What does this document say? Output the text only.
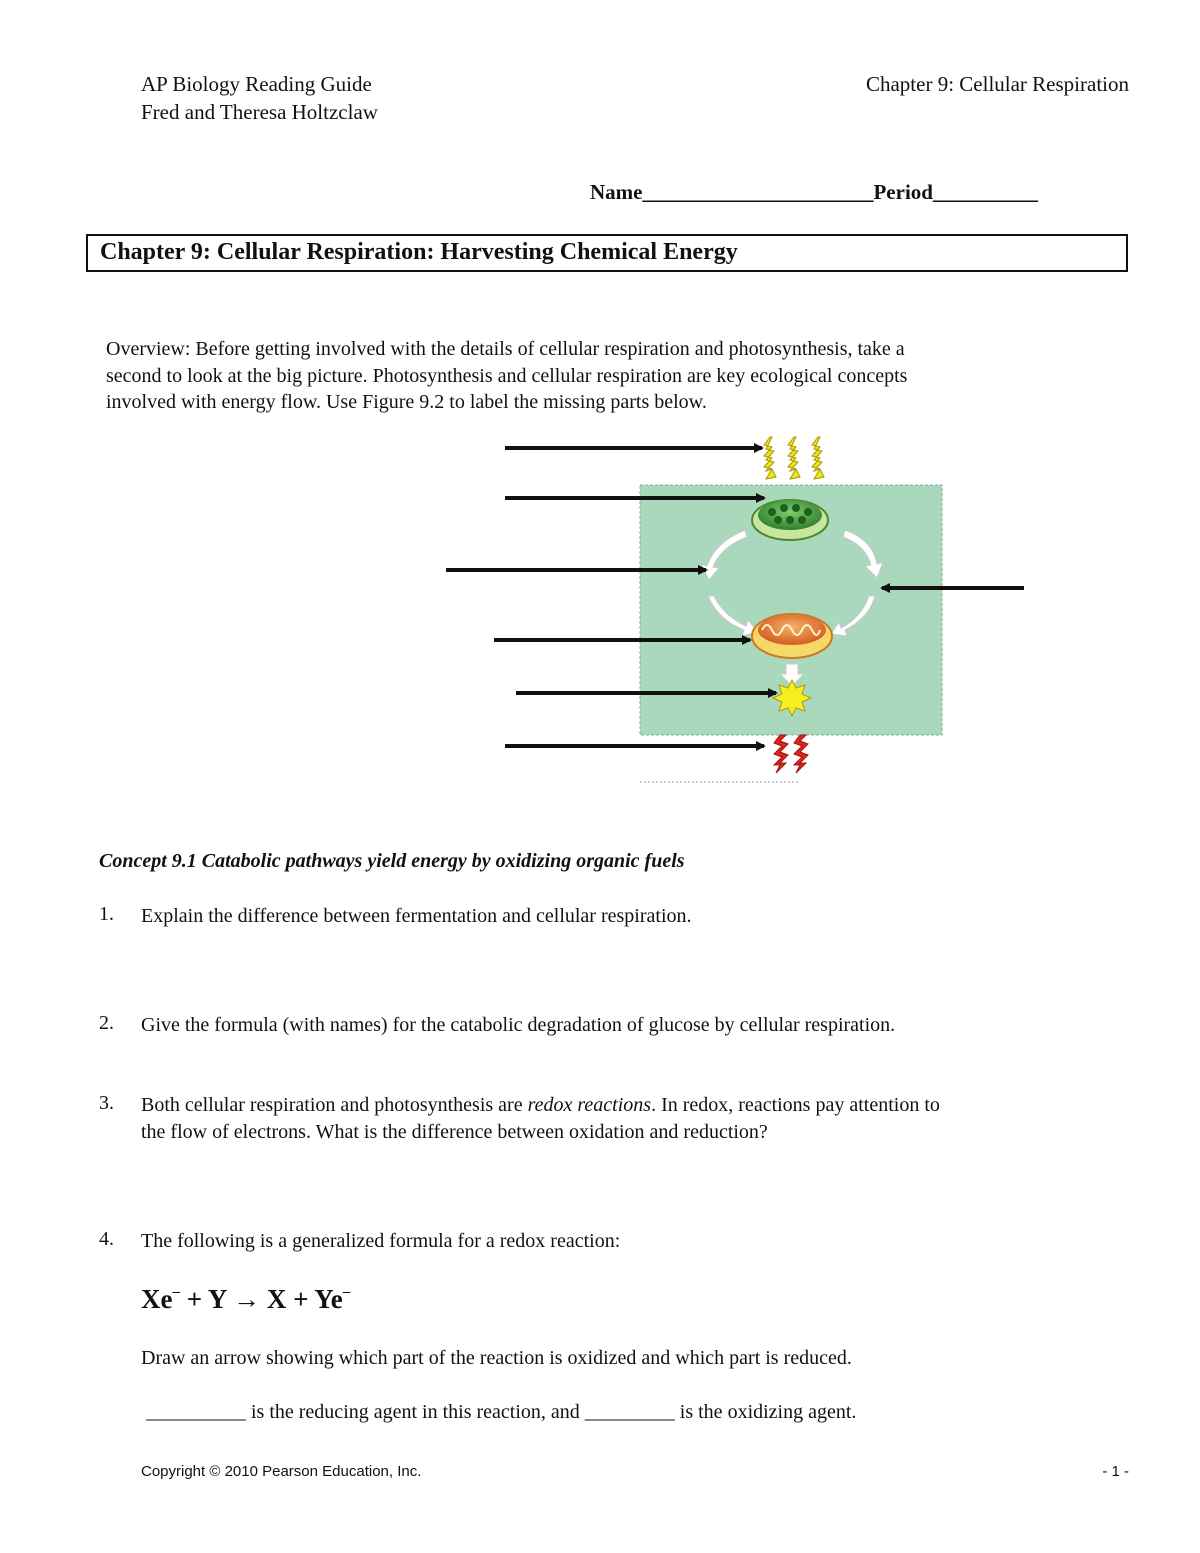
AP Biology Reading Guide
Fred and Theresa Holtzclaw
Chapter 9: Cellular Respiration
Name______________________Period__________
Chapter 9: Cellular Respiration: Harvesting Chemical Energy
Overview: Before getting involved with the details of cellular respiration and photosynthesis, take a
second to look at the big picture. Photosynthesis and cellular respiration are key ecological concepts
involved with energy flow. Use Figure 9.2 to label the missing parts below.
Concept 9.1 Catabolic pathways yield energy by oxidizing organic fuels
1. Explain the difference between fermentation and cellular respiration.
2. Give the formula (with names) for the catabolic degradation of glucose by cellular respiration.
3. Both cellular respiration and photosynthesis are redox reactions. In redox, reactions pay attention to
the flow of electrons. What is the difference between oxidation and reduction?
4. The following is a generalized formula for a redox reaction:
Xe– + Y → X + Ye–
Draw an arrow showing which part of the reaction is oxidized and which part is reduced.
__________ is the reducing agent in this reaction, and _________ is the oxidizing agent.
Copyright © 2010 Pearson Education, Inc.	- 1 -
